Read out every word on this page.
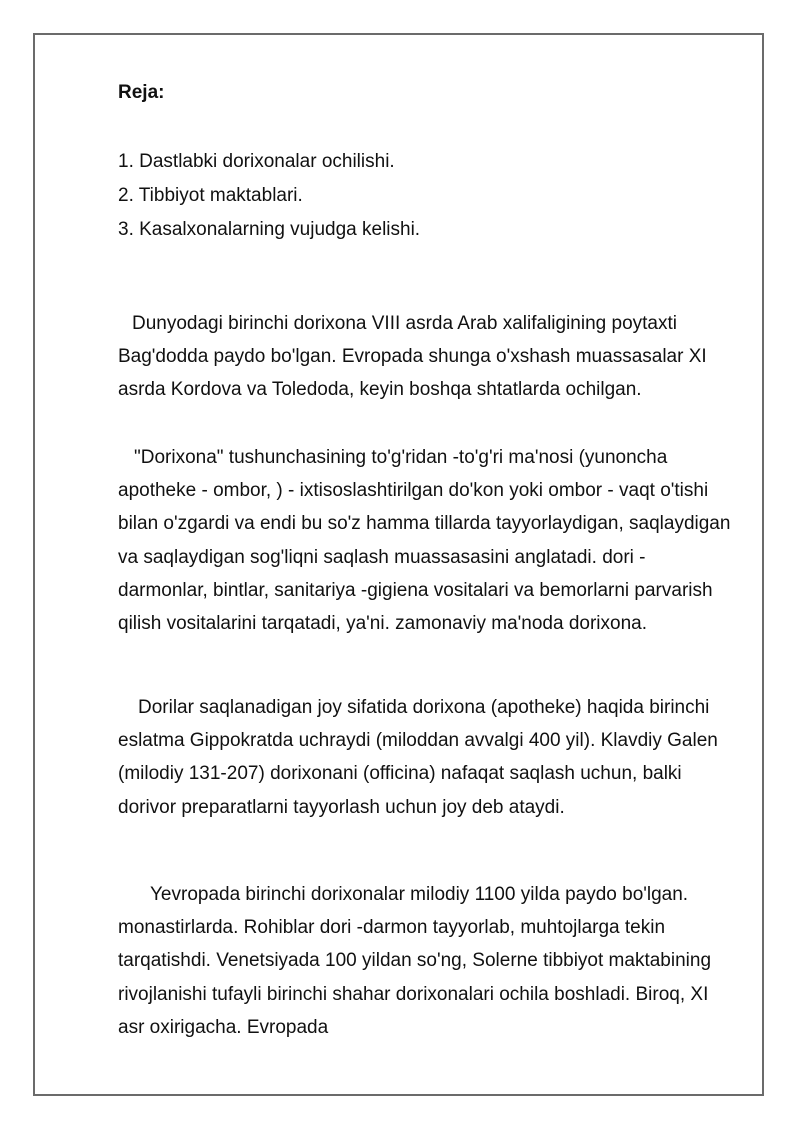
Reja:
1. Dastlabki dorixonalar ochilishi.
2. Tibbiyot maktablari.
3. Kasalxonalarning vujudga kelishi.

Dunyodagi birinchi dorixona VIII asrda Arab xalifaligining poytaxti Bag'dodda paydo bo'lgan. Evropada shunga o'xshash muassasalar XI asrda Kordova va Toledoda, keyin boshqa shtatlarda ochilgan.

"Dorixona" tushunchasining to'g'ridan -to'g'ri ma'nosi (yunoncha apotheke - ombor, ) - ixtisoslashtirilgan do'kon yoki ombor - vaqt o'tishi bilan o'zgardi va endi bu so'z hamma tillarda tayyorlaydigan, saqlaydigan va saqlaydigan sog'liqni saqlash muassasasini anglatadi. dori -darmonlar, bintlar, sanitariya -gigiena vositalari va bemorlarni parvarish qilish vositalarini tarqatadi, ya'ni. zamonaviy ma'noda dorixona.

Dorilar saqlanadigan joy sifatida dorixona (apotheke) haqida birinchi eslatma Gippokratda uchraydi (miloddan avvalgi 400 yil). Klavdiy Galen (milodiy 131-207) dorixonani (officina) nafaqat saqlash uchun, balki dorivor preparatlarni tayyorlash uchun joy deb ataydi.

Yevropada birinchi dorixonalar milodiy 1100 yilda paydo bo'lgan. monastirlarda. Rohiblar dori -darmon tayyorlab, muhtojlarga tekin tarqatishdi. Venetsiyada 100 yildan so'ng, Solerne tibbiyot maktabining rivojlanishi tufayli birinchi shahar dorixonalari ochila boshladi. Biroq, XI asr oxirigacha. Evropada
